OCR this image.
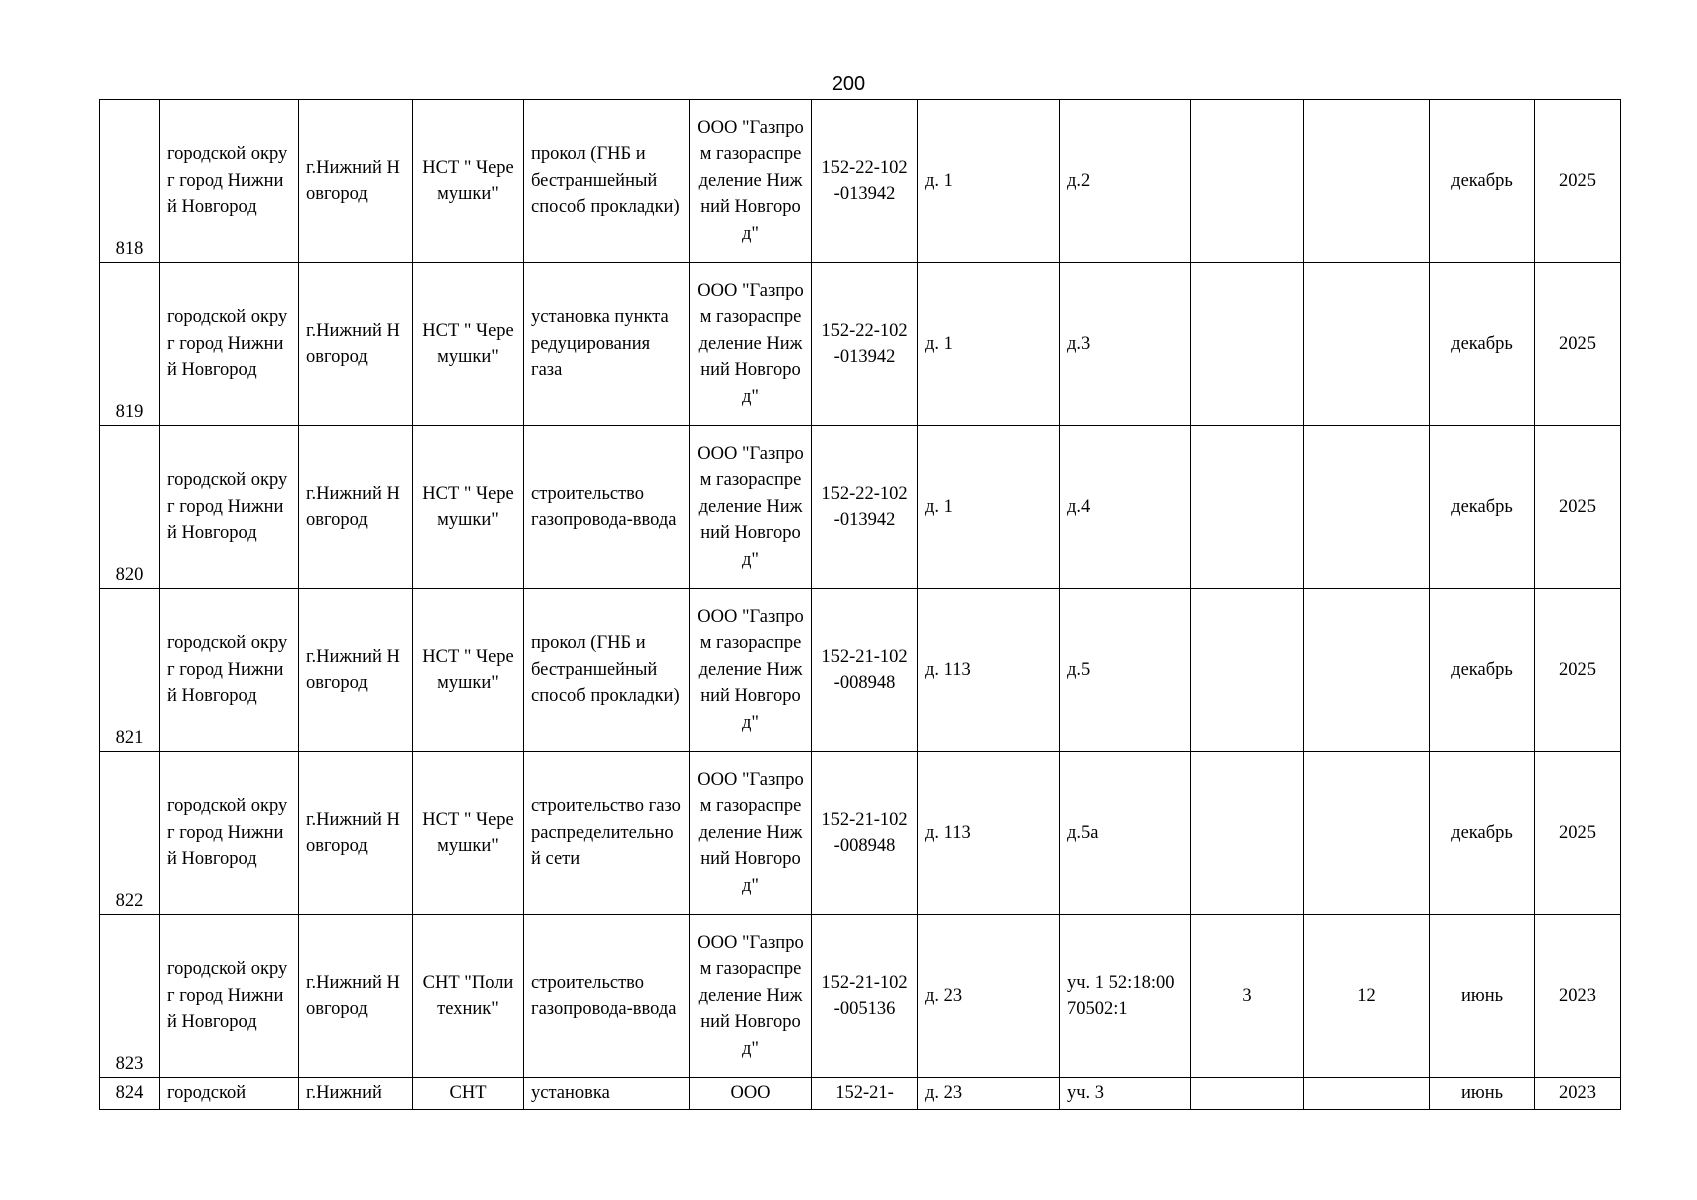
200
818	городской округ город Нижний Новгород	г.Нижний Новгород	НСТ " Черемушки"	прокол (ГНБ и бестраншейный способ прокладки)	ООО "Газпром газораспределение Нижний Новгород"	152-22-102-013942	д. 1	д.2			декабрь	2025
819	городской округ город Нижний Новгород	г.Нижний Новгород	НСТ " Черемушки"	установка пункта редуцирования газа	ООО "Газпром газораспределение Нижний Новгород"	152-22-102-013942	д. 1	д.3			декабрь	2025
820	городской округ город Нижний Новгород	г.Нижний Новгород	НСТ " Черемушки"	строительство газопровода-ввода	ООО "Газпром газораспределение Нижний Новгород"	152-22-102-013942	д. 1	д.4			декабрь	2025
821	городской округ город Нижний Новгород	г.Нижний Новгород	НСТ " Черемушки"	прокол (ГНБ и бестраншейный способ прокладки)	ООО "Газпром газораспределение Нижний Новгород"	152-21-102-008948	д. 113	д.5			декабрь	2025
822	городской округ город Нижний Новгород	г.Нижний Новгород	НСТ " Черемушки"	строительство газораспределительной сети	ООО "Газпром газораспределение Нижний Новгород"	152-21-102-008948	д. 113	д.5а			декабрь	2025
823	городской округ город Нижний Новгород	г.Нижний Новгород	СНТ "Политехник"	строительство газопровода-ввода	ООО "Газпром газораспределение Нижний Новгород"	152-21-102-005136	д. 23	уч. 1 52:18:0070502:1	3	12	июнь	2023
824	городской	г.Нижний	СНТ	установка	ООО	152-21-	д. 23	уч. 3			июнь	2023
